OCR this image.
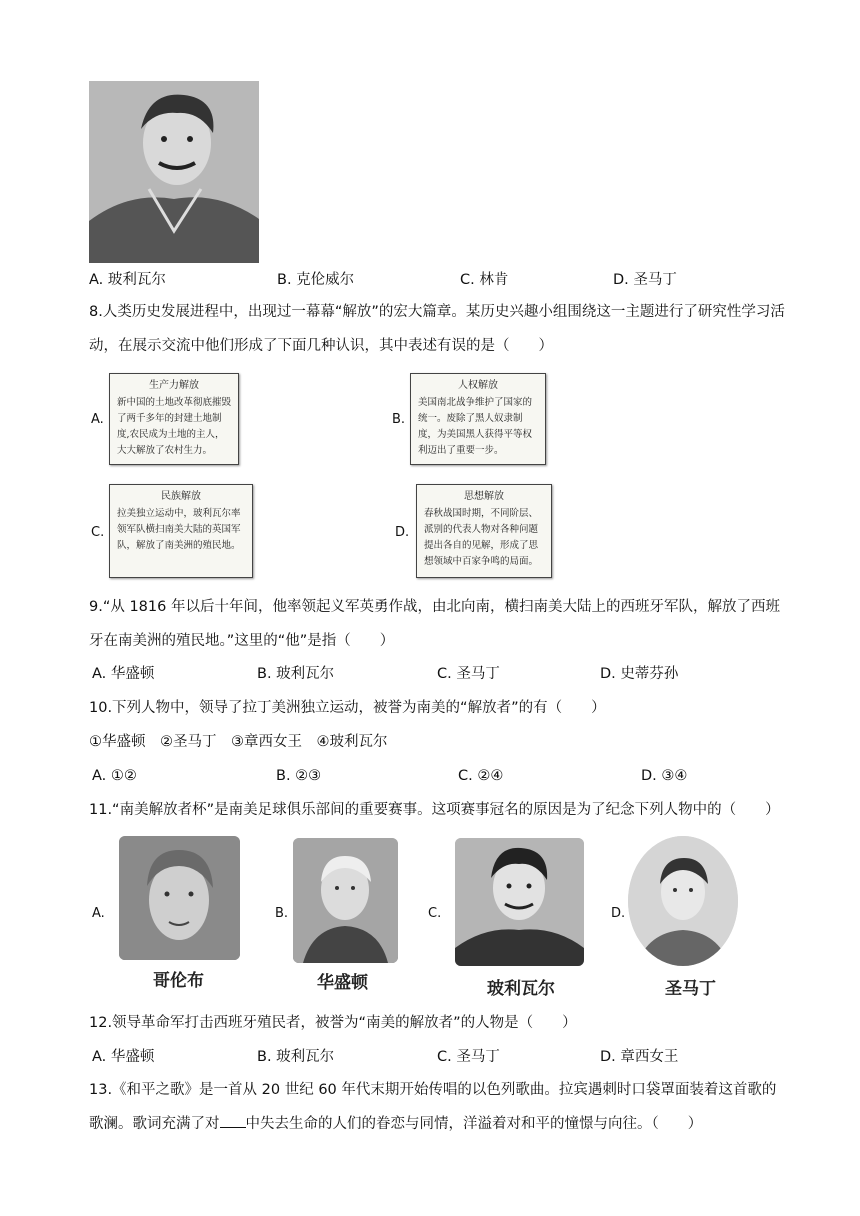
A. 玻利瓦尔	B. 克伦威尔	C. 林肯	D. 圣马丁
8.人类历史发展进程中，出现过一幕幕“解放”的宏大篇章。某历史兴趣小组围绕这一主题进行了研究性学习活动，在展示交流中他们形成了下面几种认识，其中表述有误的是（　　）
A.
生产力解放
新中国的土地改革彻底摧毁了两千多年的封建土地制度,农民成为土地的主人，大大解放了农村生力。
B.
人权解放
美国南北战争维护了国家的统一。废除了黑人奴隶制度，为美国黑人获得平等权利迈出了重要一步。
C.
民族解放
拉美独立运动中，玻利瓦尔率领军队横扫南美大陆的英国军队，解放了南美洲的殖民地。
D.
思想解放
春秋战国时期，不同阶层、派别的代表人物对各种问题提出各自的见解，形成了思想领域中百家争鸣的局面。
9.“从 1816 年以后十年间，他率领起义军英勇作战，由北向南，横扫南美大陆上的西班牙军队，解放了西班牙在南美洲的殖民地。”这里的“他”是指（　　）
A. 华盛顿	B. 玻利瓦尔	C. 圣马丁	D. 史蒂芬孙
10.下列人物中，领导了拉丁美洲独立运动，被誉为南美的“解放者”的有（　　）
①华盛顿　②圣马丁　③章西女王　④玻利瓦尔
A. ①②	B. ②③	C. ②④	D. ③④
11.“南美解放者杯”是南美足球俱乐部间的重要赛事。这项赛事冠名的原因是为了纪念下列人物中的（　　）
A.
哥伦布
B.
华盛顿
C.
玻利瓦尔
D.
圣马丁
12.领导革命军打击西班牙殖民者，被誉为“南美的解放者”的人物是（　　）
A. 华盛顿	B. 玻利瓦尔	C. 圣马丁	D. 章西女王
13.《和平之歌》是一首从 20 世纪 60 年代末期开始传唱的以色列歌曲。拉宾遇刺时口袋罩面装着这首歌的歌澜。歌词充满了对 中失去生命的人们的眷恋与同情，洋溢着对和平的憧憬与向往。（　　）
